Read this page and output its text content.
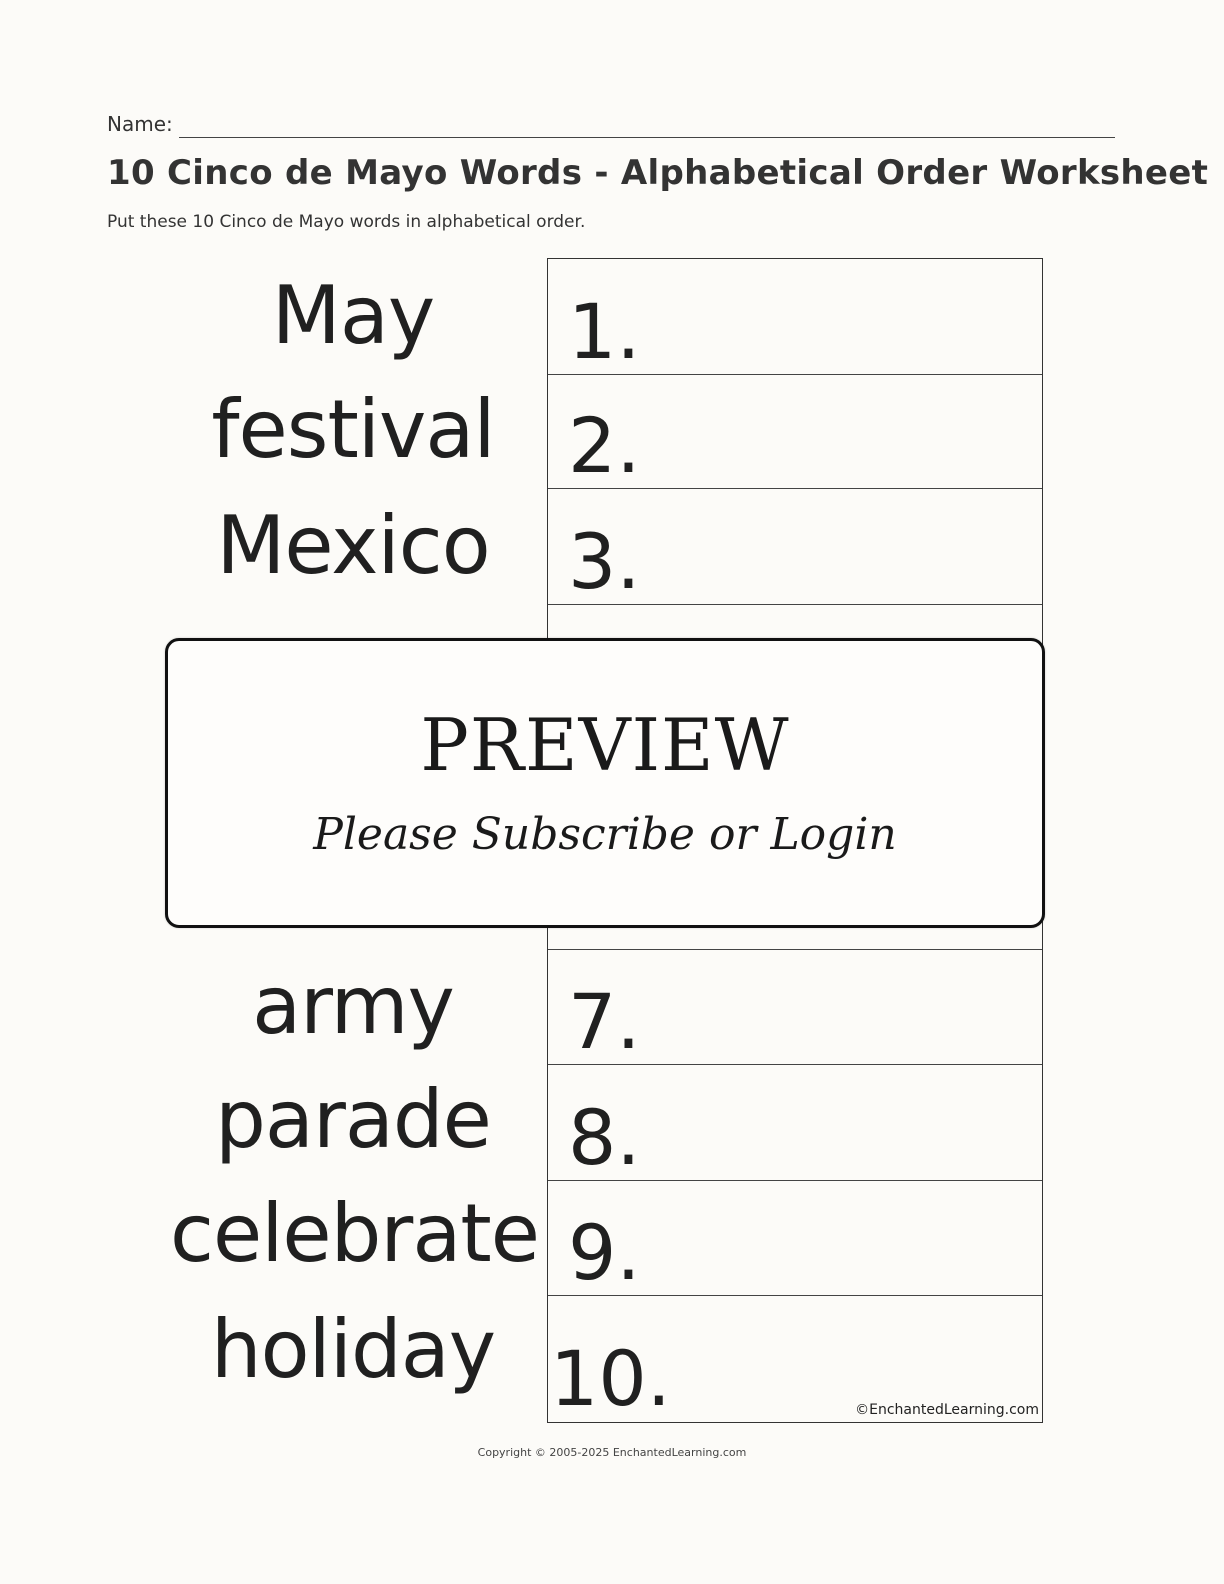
Name:
10 Cinco de Mayo Words - Alphabetical Order Worksheet
Put these 10 Cinco de Mayo words in alphabetical order.
May
festival
Mexico
army
parade
celebrate
holiday
1.
2.
3.
7.
8.
9.
10.	©EnchantedLearning.com
PREVIEW
Please Subscribe or Login
Copyright © 2005-2025 EnchantedLearning.com
